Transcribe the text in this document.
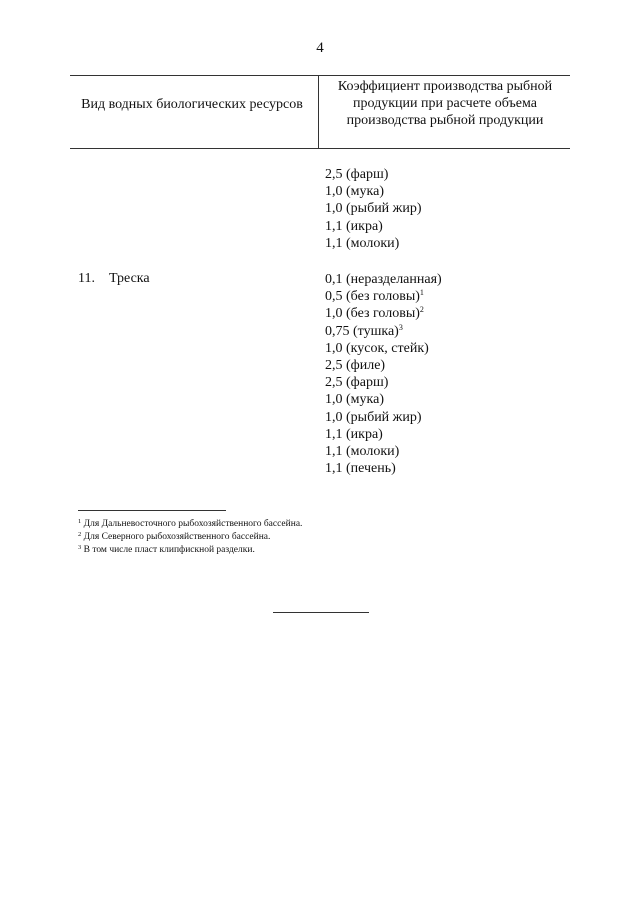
4
Вид водных биологических ресурсов
Коэффициент производства рыбной продукции при расчете объема производства рыбной продукции
2,5 (фарш)
1,0 (мука)
1,0 (рыбий жир)
1,1 (икра)
1,1 (молоки)
11. Треска	0,1 (неразделанная)
0,5 (без головы)$^1$
1,0 (без головы)$^2$
0,75 (тушка)$^3$
1,0 (кусок, стейк)
2,5 (филе)
2,5 (фарш)
1,0 (мука)
1,0 (рыбий жир)
1,1 (икра)
1,1 (молоки)
1,1 (печень)
$^1$ Для Дальневосточного рыбохозяйственного бассейна.
$^2$ Для Северного рыбохозяйственного бассейна.
$^3$ В том числе пласт клипфискной разделки.
